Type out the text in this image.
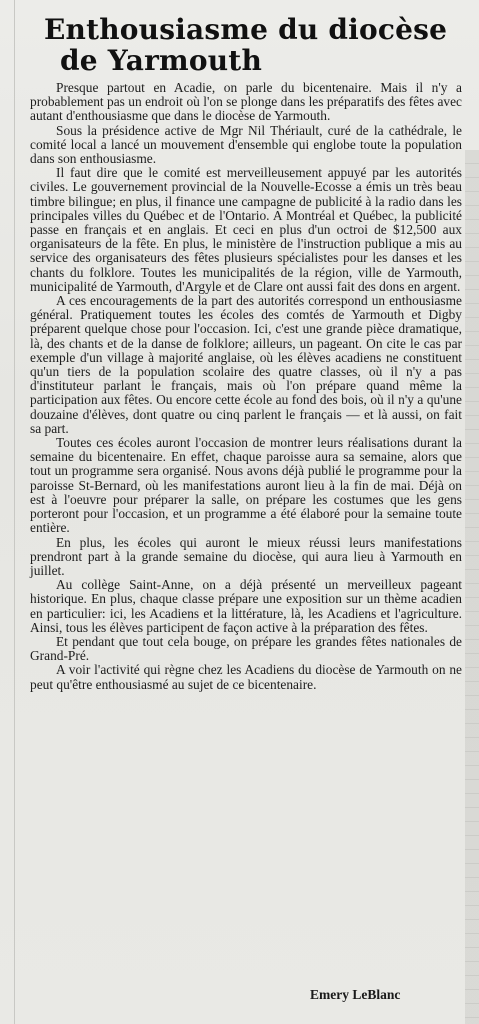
Enthousiasme du diocèse
de Yarmouth

Presque partout en Acadie, on parle du bicentenaire. Mais il n'y a probablement pas un endroit où l'on se plonge dans les préparatifs des fêtes avec autant d'enthousiasme que dans le diocèse de Yarmouth.

Sous la présidence active de Mgr Nil Thériault, curé de la cathédrale, le comité local a lancé un mouvement d'ensemble qui englobe toute la population dans son enthousiasme.

Il faut dire que le comité est merveilleusement appuyé par les autorités civiles. Le gouvernement provincial de la Nouvelle-Ecosse a émis un très beau timbre bilingue; en plus, il finance une campagne de publicité à la radio dans les principales villes du Québec et de l'Ontario. A Montréal et Québec, la publicité passe en français et en anglais. Et ceci en plus d'un octroi de $12,500 aux organisateurs de la fête. En plus, le ministère de l'instruction publique a mis au service des organisateurs des fêtes plusieurs spécialistes pour les danses et les chants du folklore. Toutes les municipalités de la région, ville de Yarmouth, municipalité de Yarmouth, d'Argyle et de Clare ont aussi fait des dons en argent.

A ces encouragements de la part des autorités correspond un enthousiasme général. Pratiquement toutes les écoles des comtés de Yarmouth et Digby préparent quelque chose pour l'occasion. Ici, c'est une grande pièce dramatique, là, des chants et de la danse de folklore; ailleurs, un pageant. On cite le cas par exemple d'un village à majorité anglaise, où les élèves acadiens ne constituent qu'un tiers de la population scolaire des quatre classes, où il n'y a pas d'instituteur parlant le français, mais où l'on prépare quand même la participation aux fêtes. Ou encore cette école au fond des bois, où il n'y a qu'une douzaine d'élèves, dont quatre ou cinq parlent le français — et là aussi, on fait sa part.

Toutes ces écoles auront l'occasion de montrer leurs réalisations durant la semaine du bicentenaire. En effet, chaque paroisse aura sa semaine, alors que tout un programme sera organisé. Nous avons déjà publié le programme pour la paroisse St-Bernard, où les manifestations auront lieu à la fin de mai. Déjà on est à l'oeuvre pour préparer la salle, on prépare les costumes que les gens porteront pour l'occasion, et un programme a été élaboré pour la semaine toute entière.

En plus, les écoles qui auront le mieux réussi leurs manifestations prendront part à la grande semaine du diocèse, qui aura lieu à Yarmouth en juillet.

Au collège Saint-Anne, on a déjà présenté un merveilleux pageant historique. En plus, chaque classe prépare une exposition sur un thème acadien en particulier: ici, les Acadiens et la littérature, là, les Acadiens et l'agriculture. Ainsi, tous les élèves participent de façon active à la préparation des fêtes.

Et pendant que tout cela bouge, on prépare les grandes fêtes nationales de Grand-Pré.

A voir l'activité qui règne chez les Acadiens du diocèse de Yarmouth on ne peut qu'être enthousiasmé au sujet de ce bicentenaire.

Emery LeBlanc
